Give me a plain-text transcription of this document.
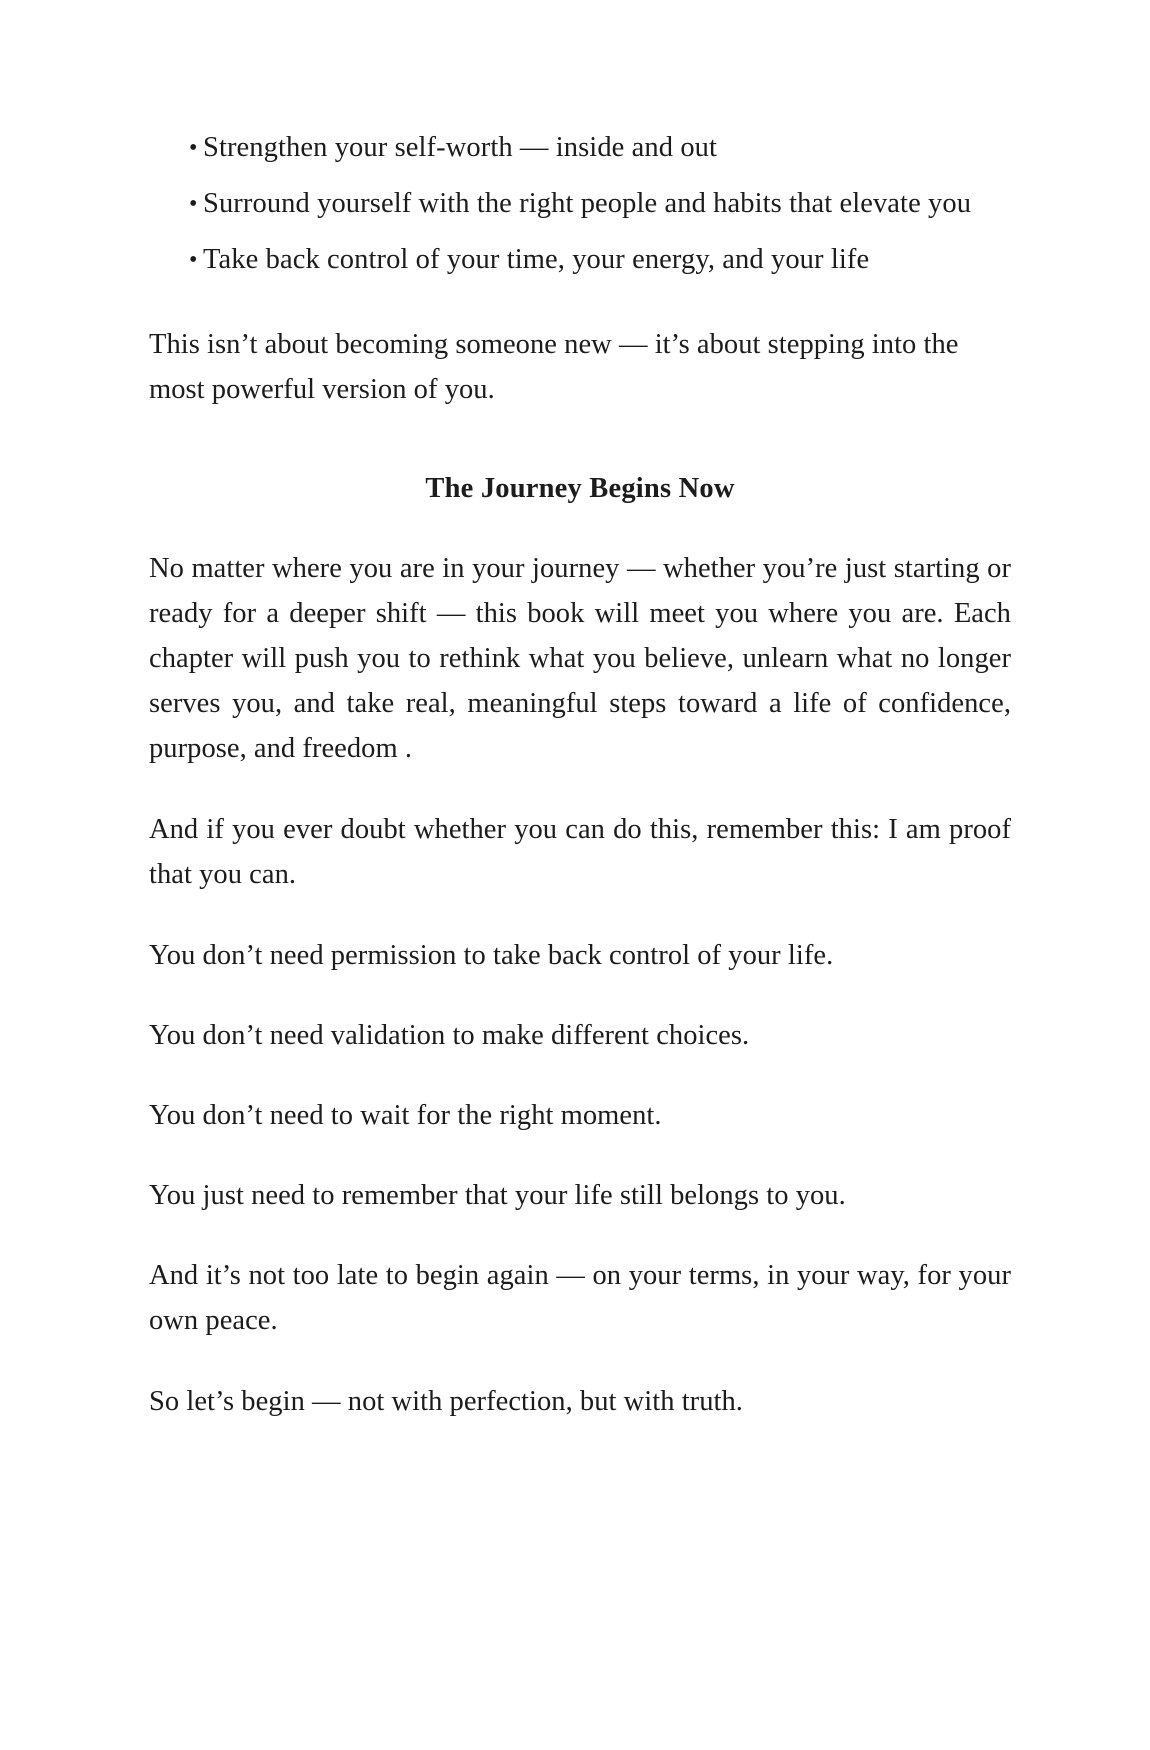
• Strengthen your self-worth — inside and out
• Surround yourself with the right people and habits that elevate you
• Take back control of your time, your energy, and your life

This isn’t about becoming someone new — it’s about stepping into the most powerful version of you.

The Journey Begins Now

No matter where you are in your journey — whether you’re just starting or ready for a deeper shift — this book will meet you where you are. Each chapter will push you to rethink what you believe, unlearn what no longer serves you, and take real, meaningful steps toward a life of confidence, purpose, and freedom .

And if you ever doubt whether you can do this, remember this: I am proof that you can.

You don’t need permission to take back control of your life.

You don’t need validation to make different choices.

You don’t need to wait for the right moment.

You just need to remember that your life still belongs to you.

And it’s not too late to begin again — on your terms, in your way, for your own peace.

So let’s begin — not with perfection, but with truth.
